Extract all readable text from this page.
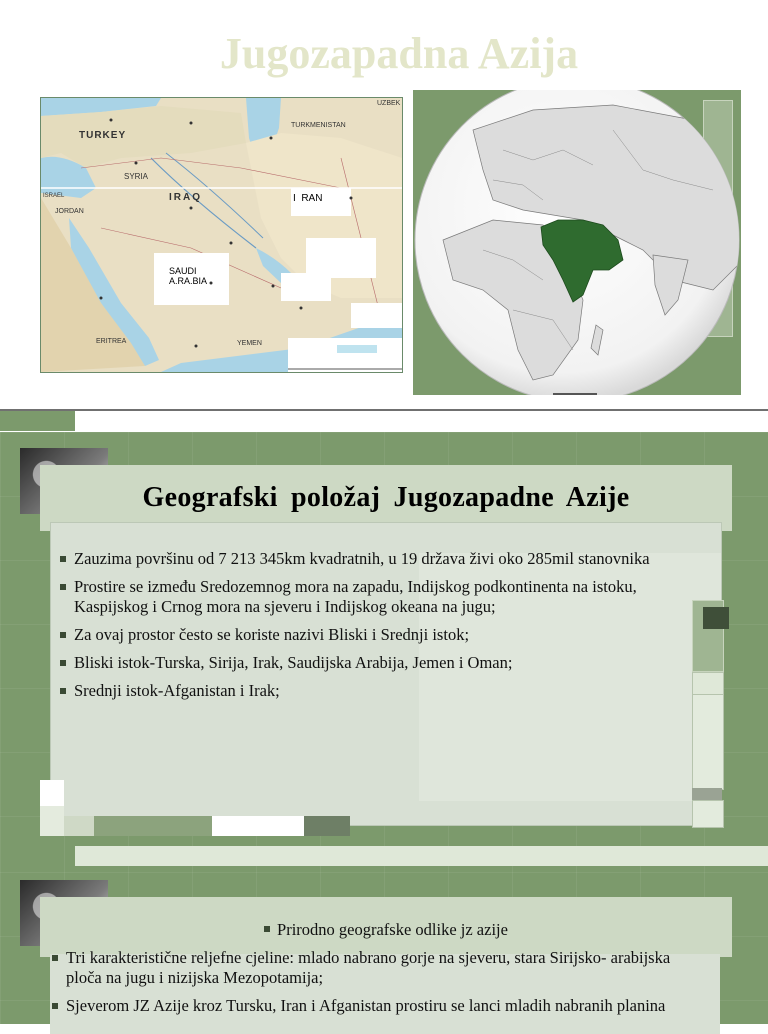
Jugozapadna Azija
TURKEY
SYRIA
IRAQ	I  RAN
SAUDI
A.RA.BIA
TURKMENISTAN
YEMEN
ERITREA
JORDAN
UZBEK
ISRAEL
Geografski položaj Jugozapadne Azije
Zauzima površinu od 7 213 345km kvadratnih, u 19 država živi oko 285mil stanovnika
Prostire se između Sredozemnog mora na zapadu, Indijskog podkontinenta na istoku, Kaspijskog i Crnog mora na sjeveru i Indijskog okeana na jugu;
Za ovaj prostor često se koriste nazivi Bliski i Srednji istok;
Bliski istok-Turska, Sirija, Irak, Saudijska Arabija, Jemen i Oman;
Srednji istok-Afganistan i Irak;
Prirodno geografske odlike jz azije
Tri karakteristične reljefne cjeline: mlado nabrano gorje na sjeveru, stara Sirijsko- arabijska ploča na jugu i nizijska Mezopotamija;
Sjeverom JZ Azije kroz Tursku, Iran i Afganistan prostiru se lanci mladih nabranih planina
